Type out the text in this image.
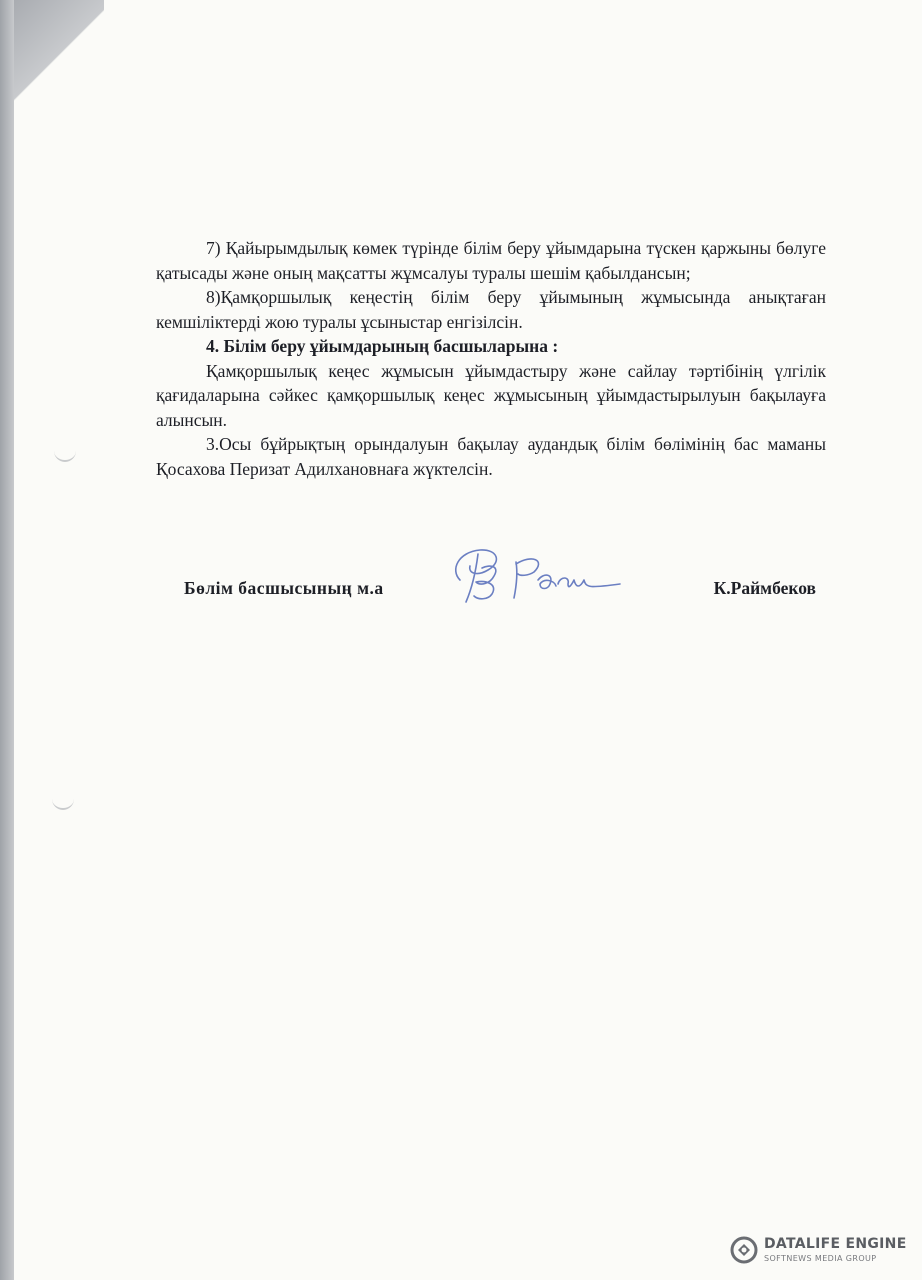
7) Қайырымдылық көмек түрінде білім беру ұйымдарына түскен қаржыны бөлуге қатысады және оның мақсатты жұмсалуы туралы шешім қабылдансын;

8)Қамқоршылық кеңестің білім беру ұйымының жұмысында анықтаған кемшіліктерді жою туралы ұсыныстар енгізілсін.

4. Білім беру ұйымдарының басшыларына :

Қамқоршылық кеңес жұмысын ұйымдастыру және сайлау тәртібінің үлгілік қағидаларына сәйкес қамқоршылық кеңес жұмысының ұйымдастырылуын бақылауға алынсын.

3.Осы бұйрықтың орындалуын бақылау аудандық білім бөлімінің бас маманы Қосахова Перизат Адилхановнаға жүктелсін.

Бөлім басшысының м.а	К.Раймбеков
DATALIFE ENGINE
SOFTNEWS MEDIA GROUP
